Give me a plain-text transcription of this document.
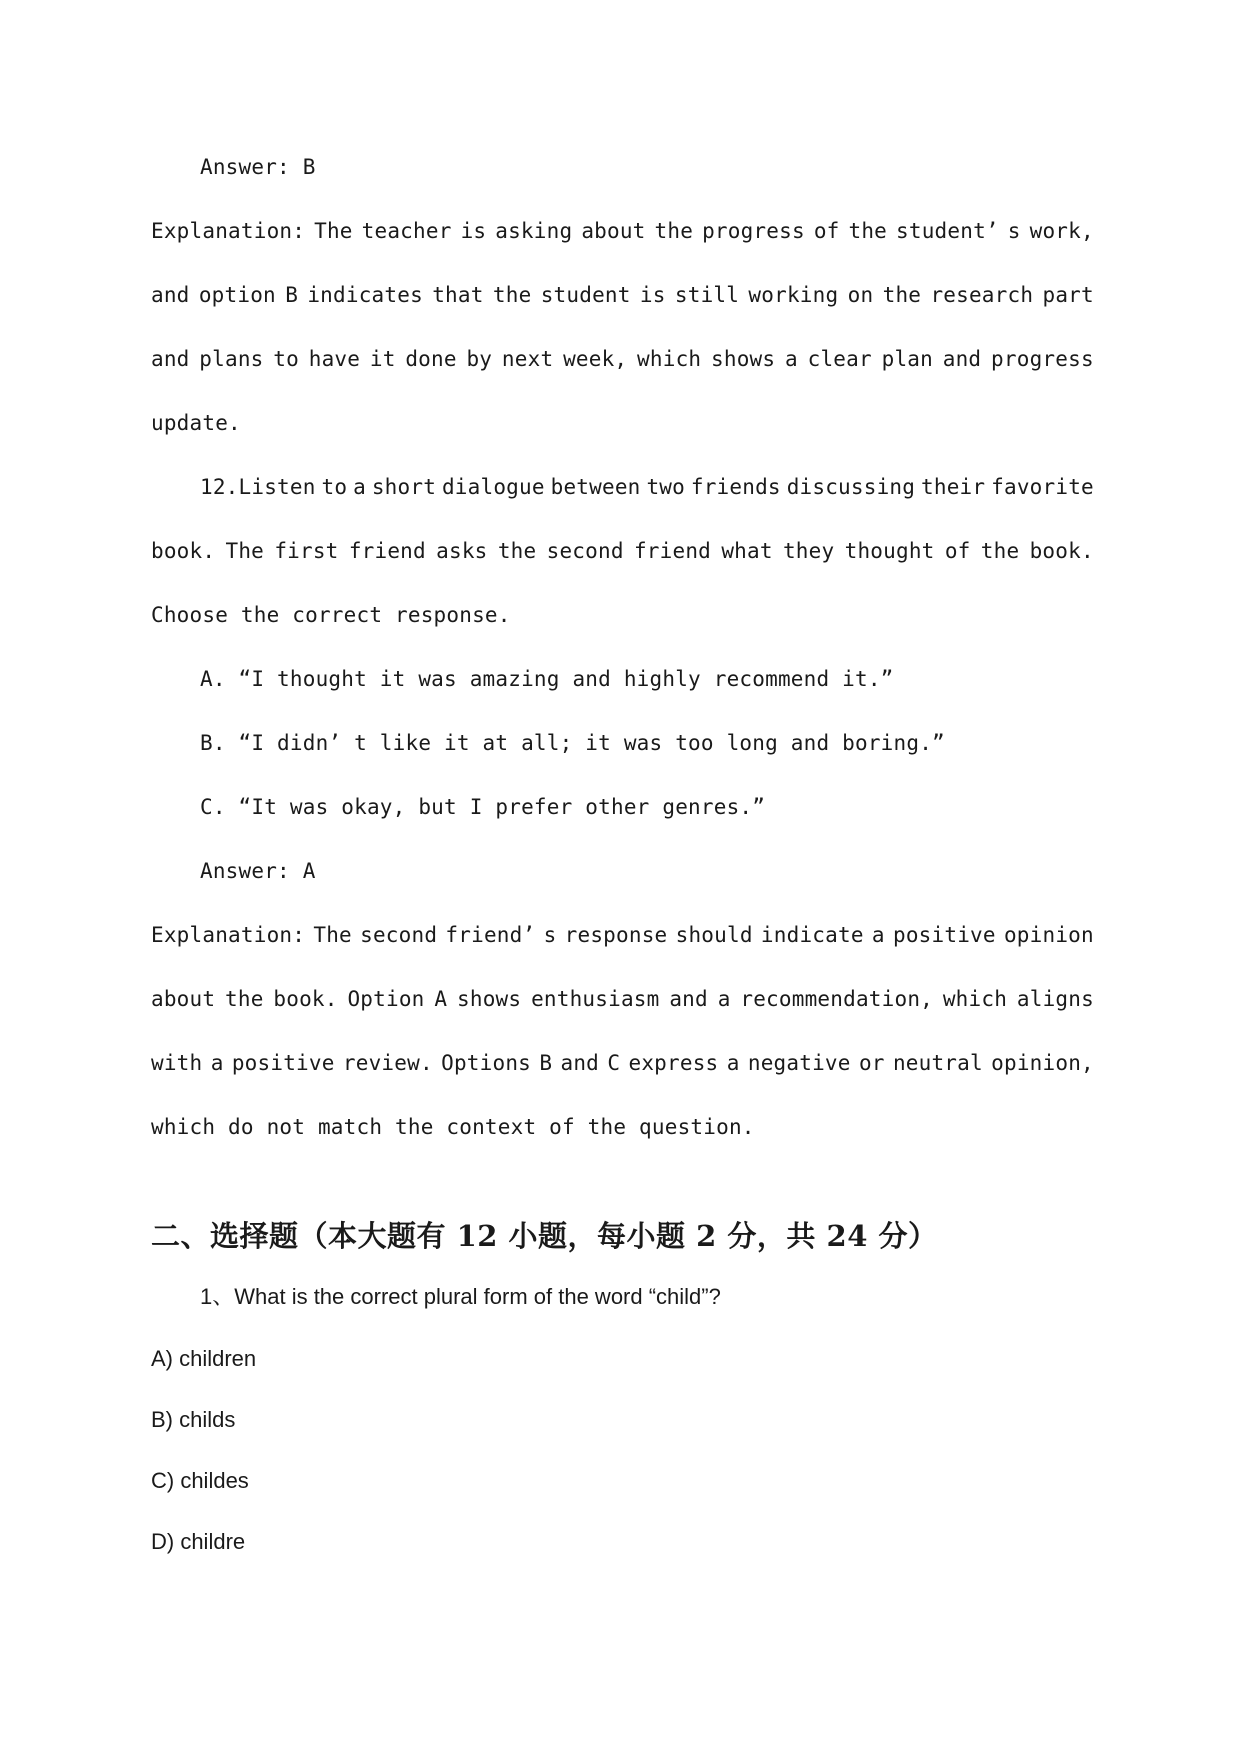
Answer: B
Explanation: The teacher is asking about the progress of the student’ s work,
and option B indicates that the student is still working on the research part
and plans to have it done by next week, which shows a clear plan and progress
update.
12.Listen to a short dialogue between two friends discussing their favorite
book. The first friend asks the second friend what they thought of the book.
Choose the correct response.
A. “I thought it was amazing and highly recommend it.”
B. “I didn’ t like it at all; it was too long and boring.”
C. “It was okay, but I prefer other genres.”
Answer: A
Explanation: The second friend’ s response should indicate a positive opinion
about the book. Option A shows enthusiasm and a recommendation, which aligns
with a positive review. Options B and C express a negative or neutral opinion,
which do not match the context of the question.
二、选择题（本大题有 12 小题，每小题 2 分，共 24 分）
1、What is the correct plural form of the word “child”?
A) children
B) childs
C) childes
D) childre
